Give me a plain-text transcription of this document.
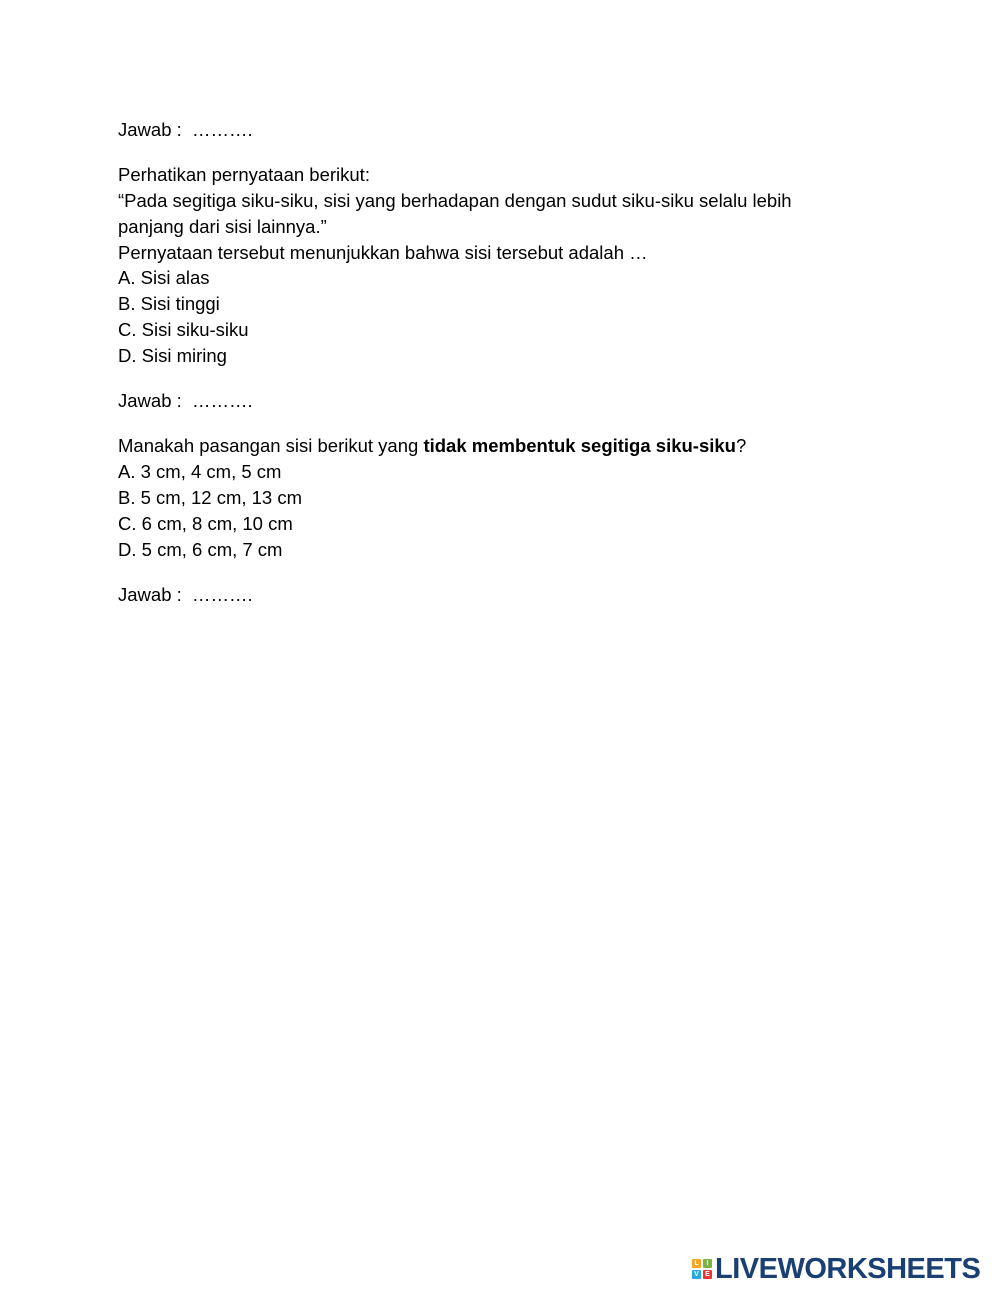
Jawab :  ……….

Perhatikan pernyataan berikut:
“Pada segitiga siku-siku, sisi yang berhadapan dengan sudut siku-siku selalu lebih
panjang dari sisi lainnya.”
Pernyataan tersebut menunjukkan bahwa sisi tersebut adalah …
A. Sisi alas
B. Sisi tinggi
C. Sisi siku-siku
D. Sisi miring

Jawab :  ……….

Manakah pasangan sisi berikut yang tidak membentuk segitiga siku-siku?
A. 3 cm, 4 cm, 5 cm
B. 5 cm, 12 cm, 13 cm
C. 6 cm, 8 cm, 10 cm
D. 5 cm, 6 cm, 7 cm

Jawab :  ……….

L	I
V E LIVEWORKSHEETS
